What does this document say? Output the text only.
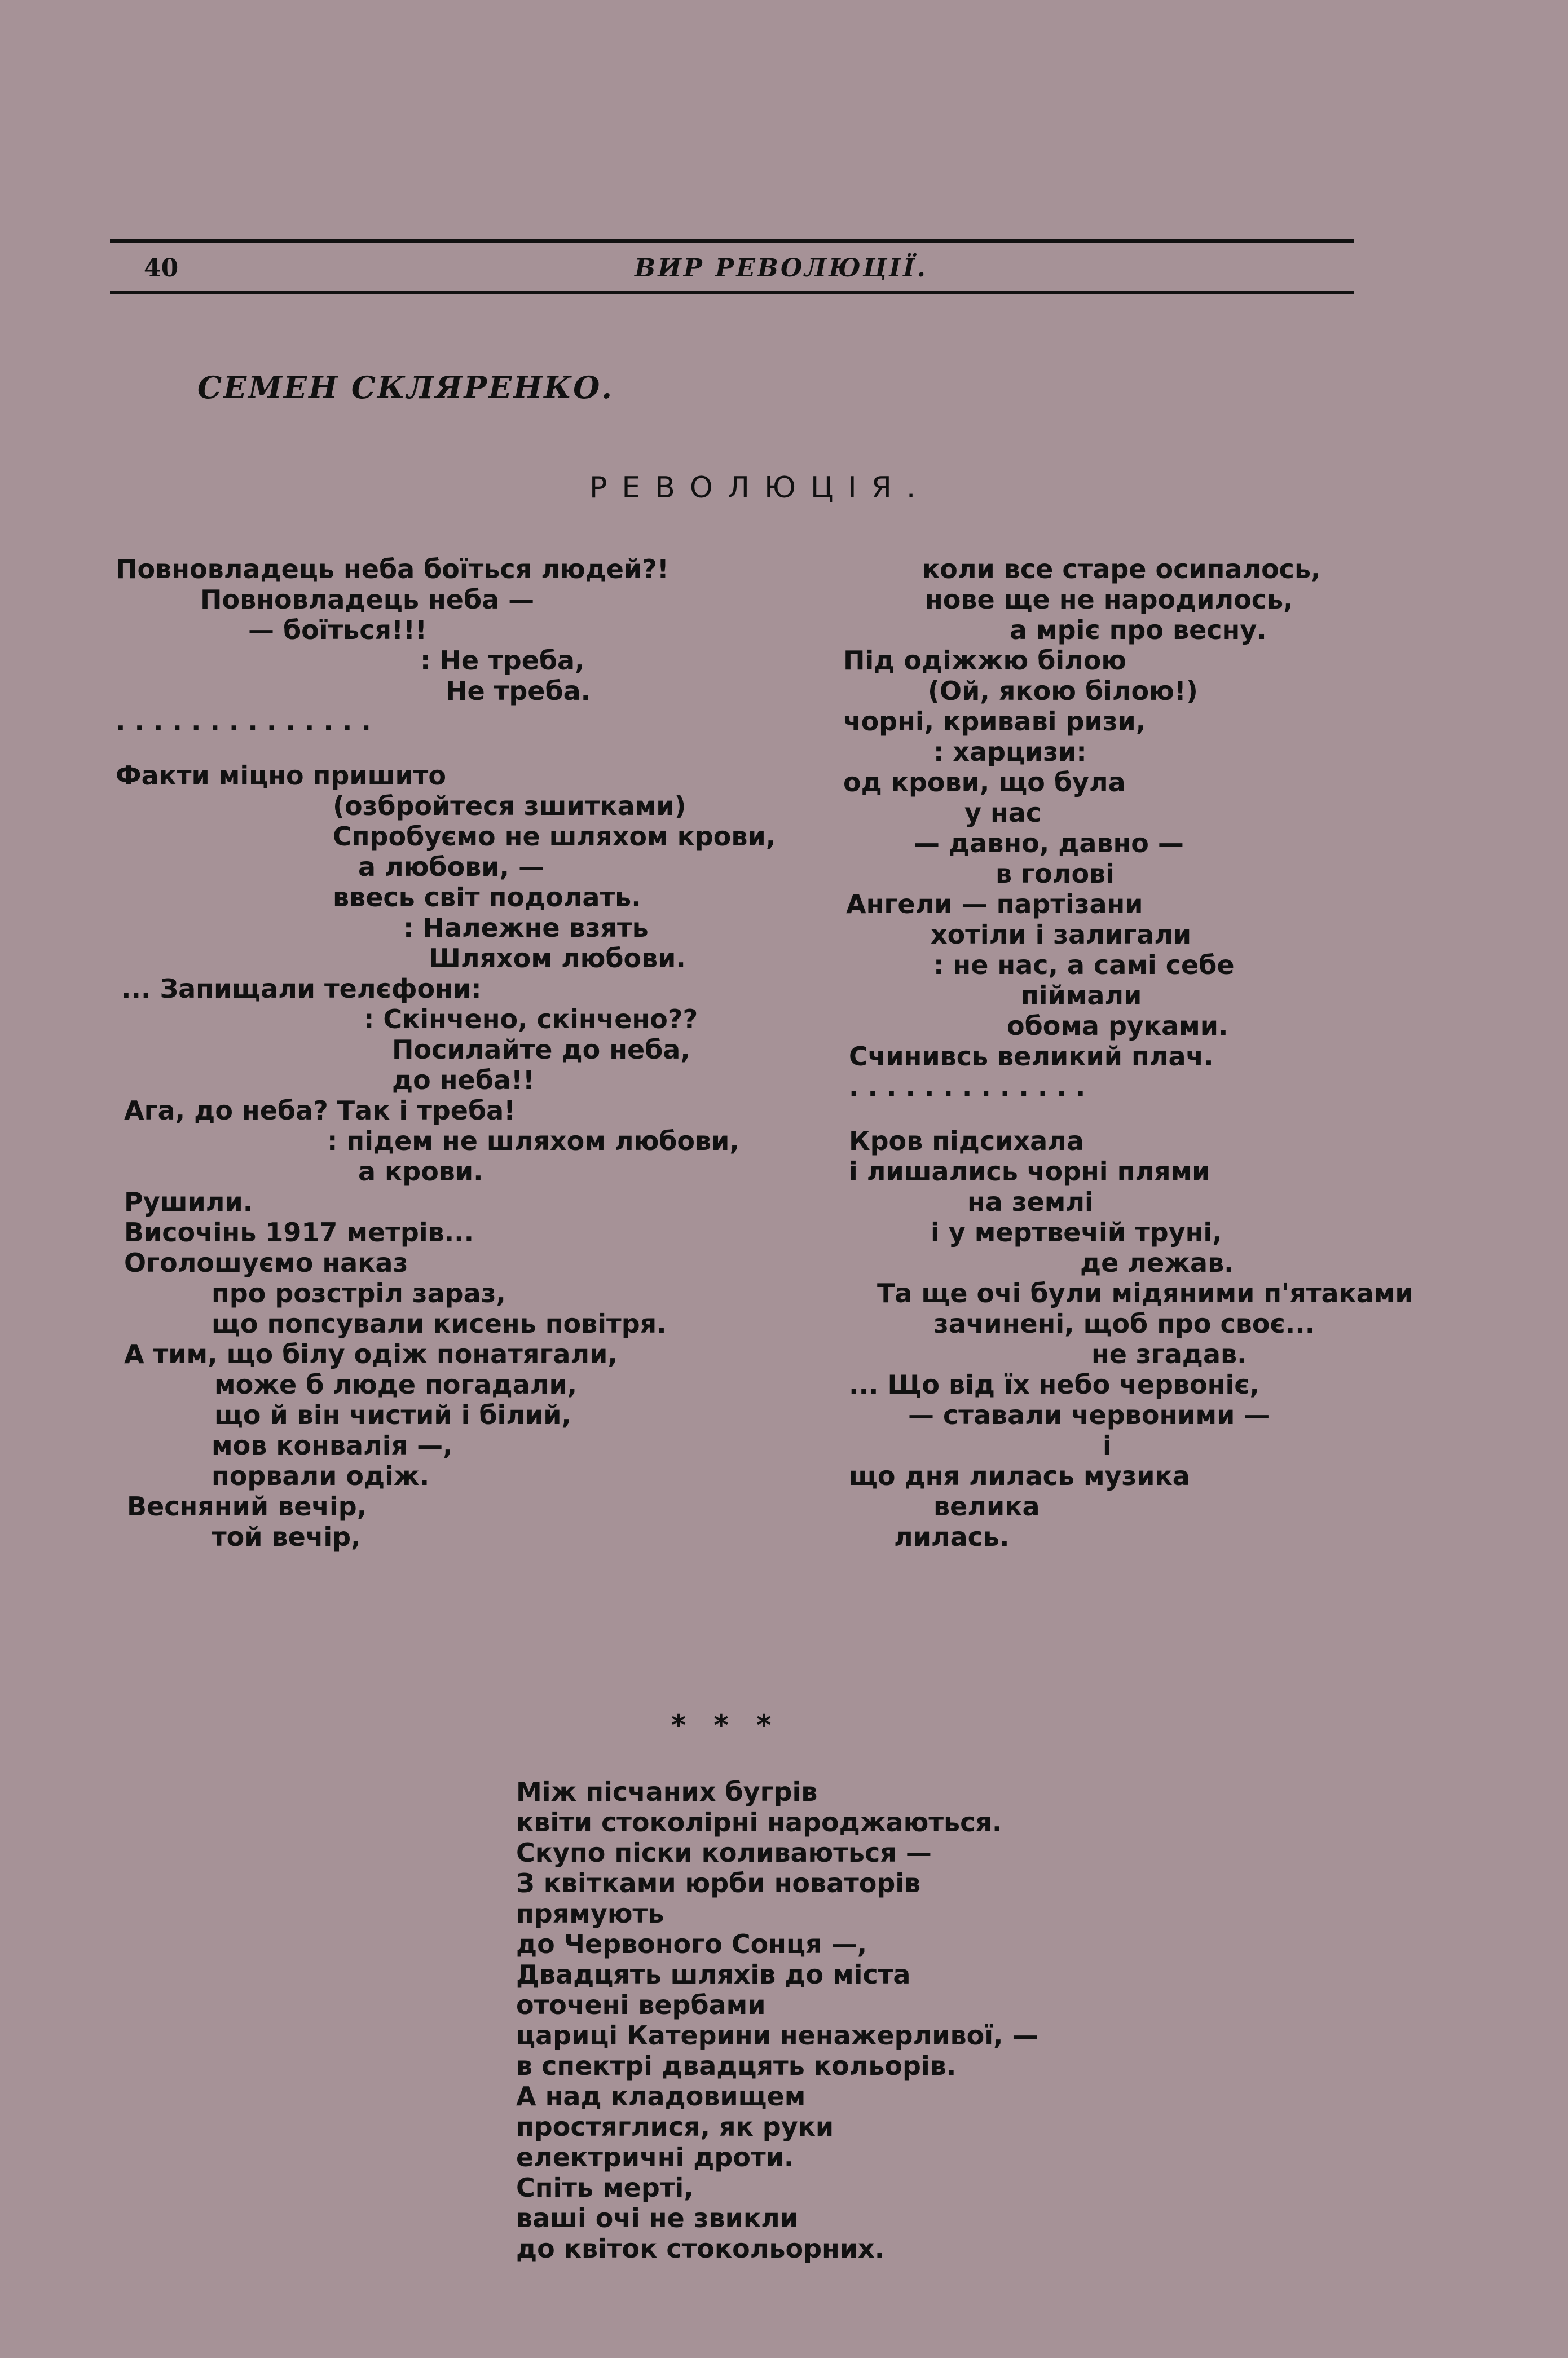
40	ВИР РЕВОЛЮЦІЇ.
СЕМЕН СКЛЯРЕНКО.
РЕВОЛЮЦІЯ.
Повновладець неба боїться людей?!
Повновладець неба —
— боїться!!!
: Не треба,
Не треба.
. . . . . . . . . . . . . .
Факти міцно пришито
(озбройтеся зшитками)
Спробуємо не шляхом крови,
а любови, —
ввесь світ подолать.
: Належне взять
Шляхом любови.
... Запищали телєфони:
: Скінчено, скінчено??
Посилайте до неба,
до неба!!
Ага, до неба? Так і треба!
: підем не шляхом любови,
а крови.
Рушили.
Височінь 1917 метрів...
Оголошуємо наказ
про розстріл зараз,
що попсували кисень повітря.
А тим, що білу одіж понатягали,
може б люде погадали,
що й він чистий і білий,
мов конвалія —,
порвали одіж.
Весняний вечір,
той вечір,
коли все старе осипалось,
нове ще не народилось,
а мріє про весну.
Під одіжжю білою
(Ой, якою білою!)
чорні, криваві ризи,
: харцизи:
од крови, що була
у нас
— давно, давно —
в голові
Ангели — партізани
хотіли і залигали
: не нас, а самі себе
піймали
обома руками.
Счинивсь великий плач.
. . . . . . . . . . . . .
Кров підсихала
і лишались чорні плями
на землі
і у мертвечій труні,
де лежав.
Та ще очі були мідяними п'ятаками
зачинені, щоб про своє...
не згадав.
... Що від їх небо червоніє,
— ставали червоними —
і
що дня лилась музика
велика
лилась.
* * *
Між пісчаних бугрів
квіти стоколірні народжаються.
Скупо піски коливаються —
З квітками юрби новаторів
прямують
до Червоного Сонця —,
Двадцять шляхів до міста
оточені вербами
цариці Катерини ненажерливої, —
в спектрі двадцять кольорів.
А над кладовищем
простяглися, як руки
електричні дроти.
Спіть мерті,
ваші очі не звикли
до квіток стокольорних.
